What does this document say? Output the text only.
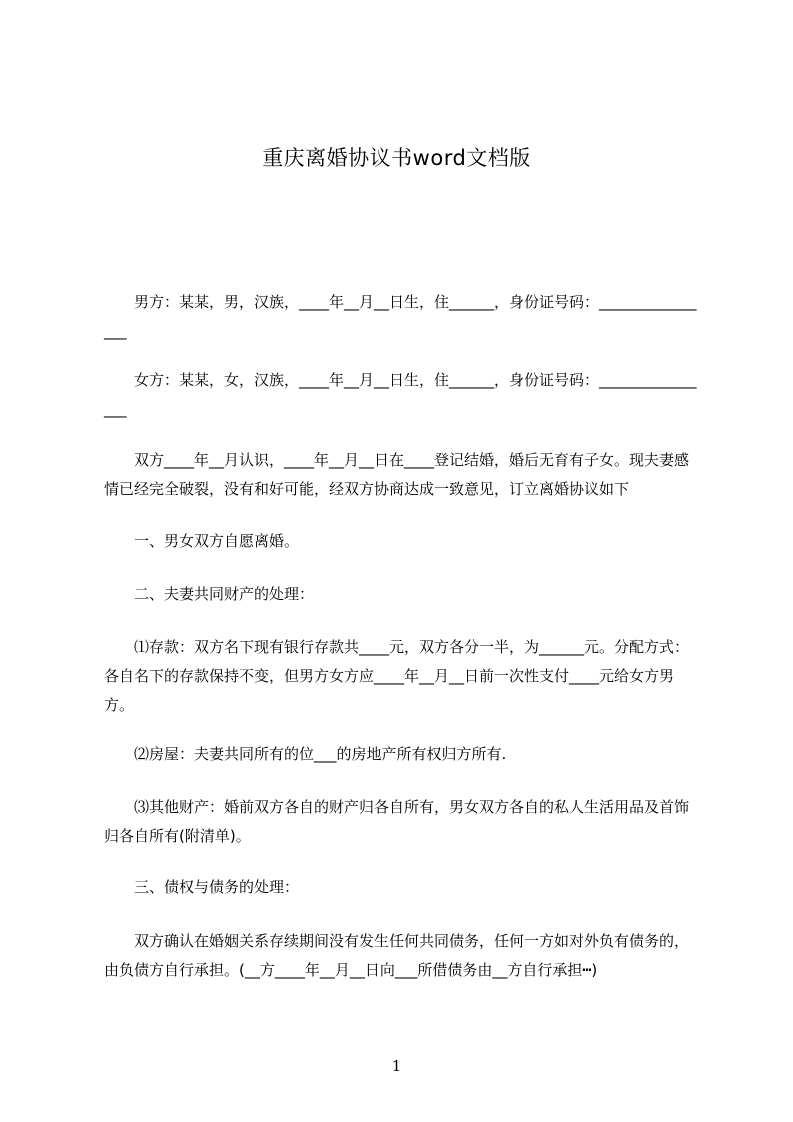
重庆离婚协议书word文档版
男方：某某，男，汉族，____年__月__日生，住______，身份证号码：________________
女方：某某，女，汉族，____年__月__日生，住______，身份证号码：________________
双方____年__月认识，____年__月__日在____登记结婚，婚后无育有子女。现夫妻感情已经完全破裂，没有和好可能，经双方协商达成一致意见，订立离婚协议如下
一、男女双方自愿离婚。
二、夫妻共同财产的处理：
⑴存款：双方名下现有银行存款共____元，双方各分一半，为______元。分配方式：各自名下的存款保持不变，但男方女方应____年__月__日前一次性支付____元给女方男方。
⑵房屋：夫妻共同所有的位___的房地产所有权归方所有.
⑶其他财产：婚前双方各自的财产归各自所有，男女双方各自的私人生活用品及首饰归各自所有(附清单)。
三、债权与债务的处理：
双方确认在婚姻关系存续期间没有发生任何共同债务，任何一方如对外负有债务的，由负债方自行承担。(__方____年__月__日向___所借债务由__方自行承担┅)
1
